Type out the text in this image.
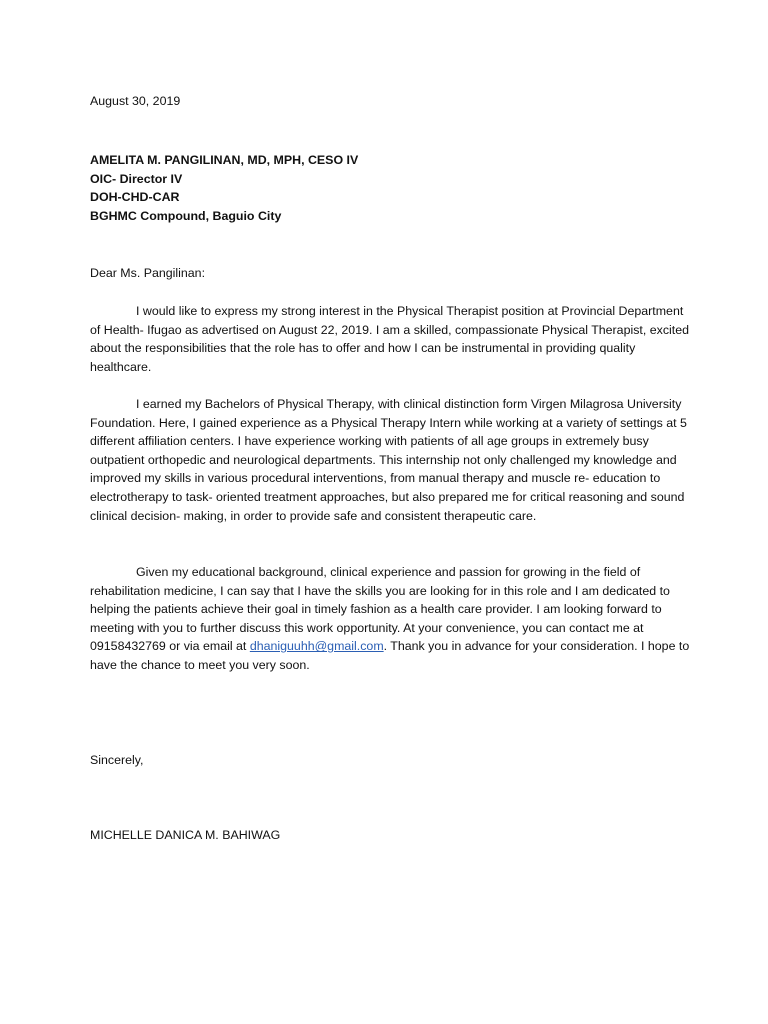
August 30, 2019
AMELITA M. PANGILINAN, MD, MPH, CESO IV
OIC- Director IV
DOH-CHD-CAR
BGHMC Compound, Baguio City
Dear Ms. Pangilinan:

I would like to express my strong interest in the Physical Therapist position at Provincial Department of Health- Ifugao as advertised on August 22, 2019. I am a skilled, compassionate Physical Therapist, excited about the responsibilities that the role has to offer and how I can be instrumental in providing quality healthcare.

I earned my Bachelors of Physical Therapy, with clinical distinction form Virgen Milagrosa University Foundation. Here, I gained experience as a Physical Therapy Intern while working at a variety of settings at 5 different affiliation centers. I have experience working with patients of all age groups in extremely busy outpatient orthopedic and neurological departments. This internship not only challenged my knowledge and improved my skills in various procedural interventions, from manual therapy and muscle re- education to electrotherapy to task- oriented treatment approaches, but also prepared me for critical reasoning and sound clinical decision- making, in order to provide safe and consistent therapeutic care.

Given my educational background, clinical experience and passion for growing in the field of rehabilitation medicine, I can say that I have the skills you are looking for in this role and I am dedicated to helping the patients achieve their goal in timely fashion as a health care provider. I am looking forward to meeting with you to further discuss this work opportunity. At your convenience, you can contact me at 09158432769 or via email at dhaniguuhh@gmail.com. Thank you in advance for your consideration. I hope to have the chance to meet you very soon.

Sincerely,
MICHELLE DANICA M. BAHIWAG
